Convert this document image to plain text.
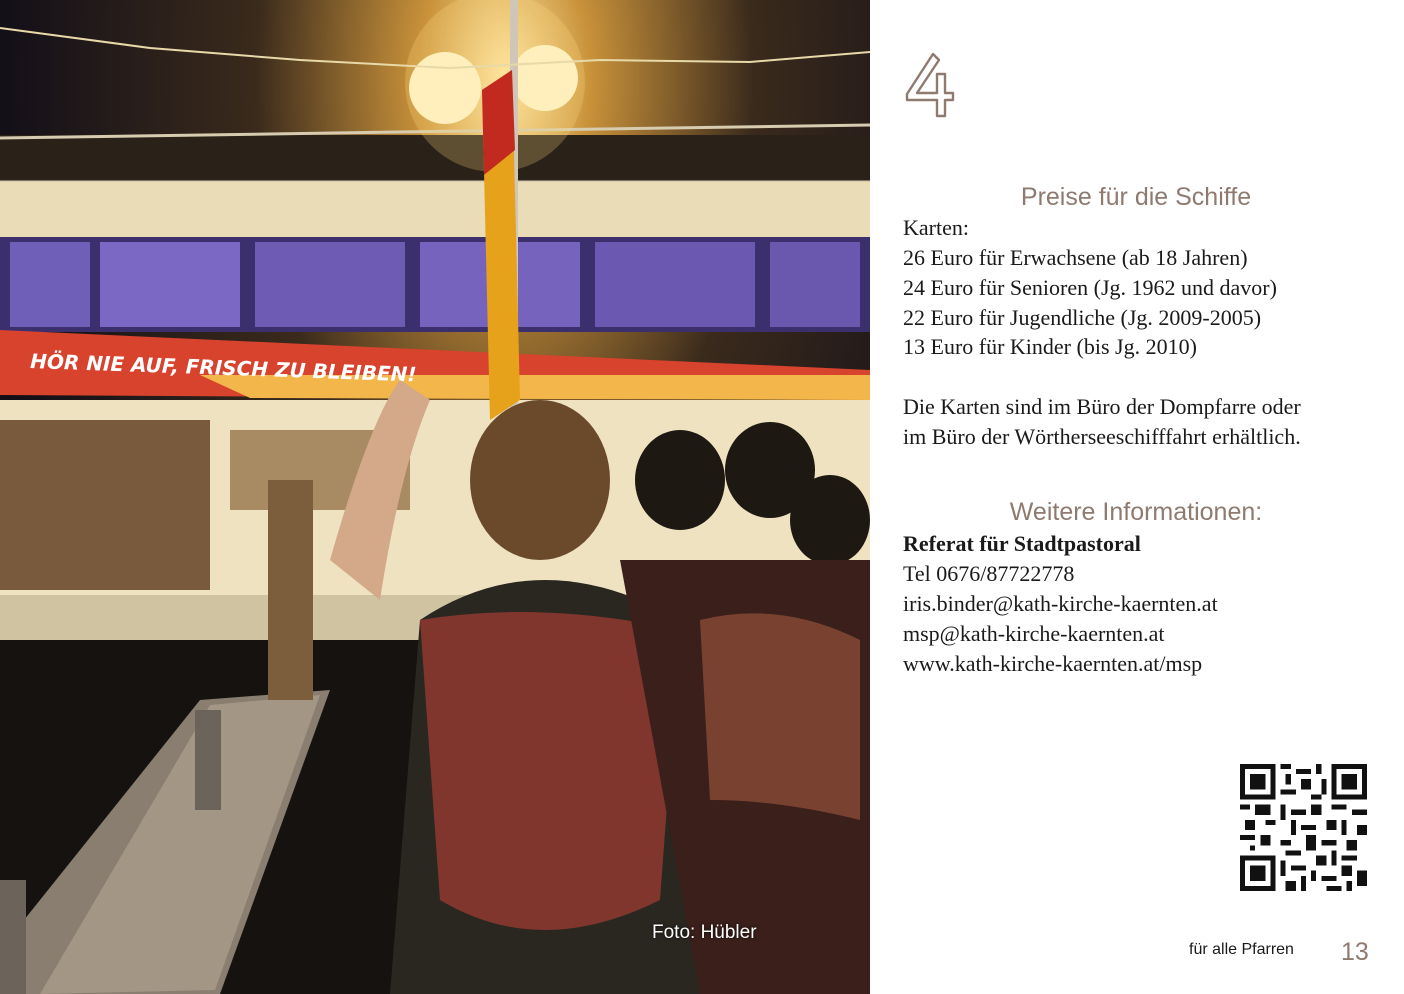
HÖR NIE AUF, FRISCH ZU BLEIBEN!
Foto: Hübler
Preise für die Schiffe
Karten:
26 Euro für Erwachsene (ab 18 Jahren)
24 Euro für Senioren (Jg. 1962 und davor)
22 Euro für Jugendliche (Jg. 2009-2005)
13 Euro für Kinder (bis Jg. 2010)
Die Karten sind im Büro der Dompfarre oder
im Büro der Wörtherseeschifffahrt erhältlich.
Weitere Informationen:
Referat für Stadtpastoral
Tel 0676/87722778
iris.binder@kath-kirche-kaernten.at
msp@kath-kirche-kaernten.at
www.kath-kirche-kaernten.at/msp
für alle Pfarren 13
